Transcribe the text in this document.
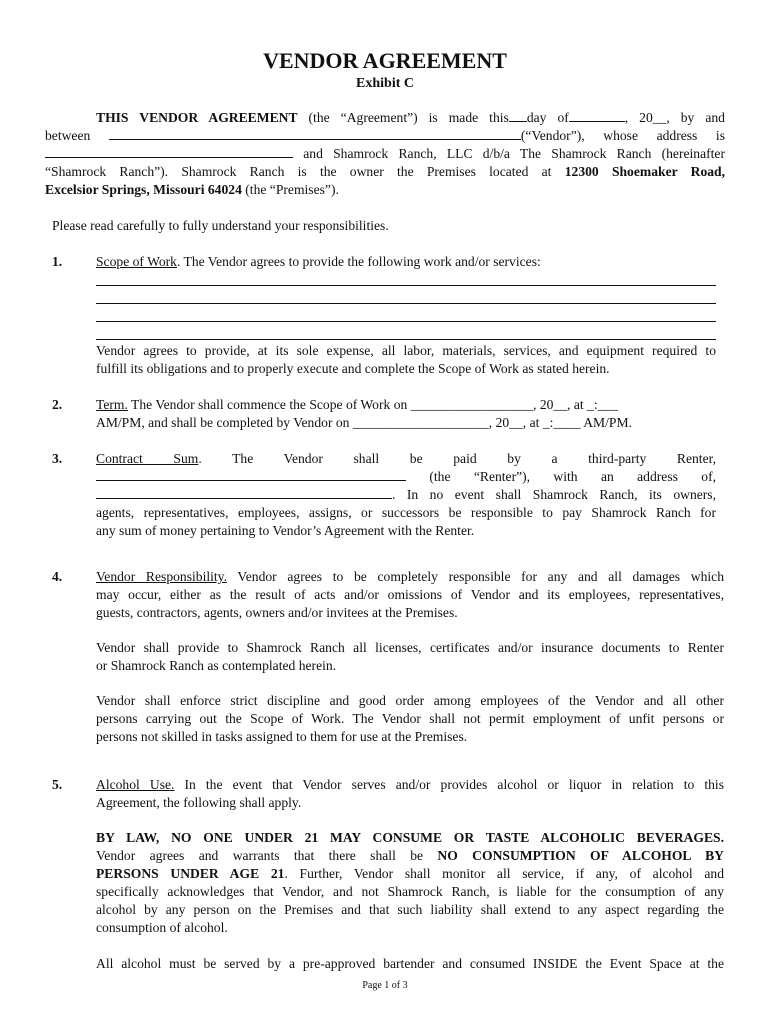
VENDOR AGREEMENT
Exhibit C
THIS VENDOR AGREEMENT (the “Agreement”) is made this day of	, 20__, by and
between	(“Vendor”), whose address is
and Shamrock Ranch, LLC d/b/a The Shamrock Ranch (hereinafter
“Shamrock Ranch”). Shamrock Ranch is the owner the Premises located at 12300 Shoemaker Road,
Excelsior Springs, Missouri 64024 (the “Premises”).
Please read carefully to fully understand your responsibilities.
1. Scope of Work. The Vendor agrees to provide the following work and/or services:
Vendor agrees to provide, at its sole expense, all labor, materials, services, and equipment required to
fulfill its obligations and to properly execute and complete the Scope of Work as stated herein.
2. Term. The Vendor shall commence the Scope of Work on __________________, 20__, at _:___
AM/PM, and shall be completed by Vendor on ____________________, 20__, at _:____ AM/PM.
3. Contract Sum. The Vendor shall be paid by a third-party Renter,
(the “Renter”), with an address of,
. In no event shall Shamrock Ranch, its owners,
agents, representatives, employees, assigns, or successors be responsible to pay Shamrock Ranch for
any sum of money pertaining to Vendor’s Agreement with the Renter.
4. Vendor Responsibility. Vendor agrees to be completely responsible for any and all damages which
may occur, either as the result of acts and/or omissions of Vendor and its employees, representatives,
guests, contractors, agents, owners and/or invitees at the Premises.
Vendor shall provide to Shamrock Ranch all licenses, certificates and/or insurance documents to Renter
or Shamrock Ranch as contemplated herein.
Vendor shall enforce strict discipline and good order among employees of the Vendor and all other
persons carrying out the Scope of Work. The Vendor shall not permit employment of unfit persons or
persons not skilled in tasks assigned to them for use at the Premises.
5. Alcohol Use. In the event that Vendor serves and/or provides alcohol or liquor in relation to this
Agreement, the following shall apply.
BY LAW, NO ONE UNDER 21 MAY CONSUME OR TASTE ALCOHOLIC BEVERAGES.
Vendor agrees and warrants that there shall be NO CONSUMPTION OF ALCOHOL BY
PERSONS UNDER AGE 21. Further, Vendor shall monitor all service, if any, of alcohol and
specifically acknowledges that Vendor, and not Shamrock Ranch, is liable for the consumption of any
alcohol by any person on the Premises and that such liability shall extend to any aspect regarding the
consumption of alcohol.
All alcohol must be served by a pre-approved bartender and consumed INSIDE the Event Space at the
Page 1 of 3
